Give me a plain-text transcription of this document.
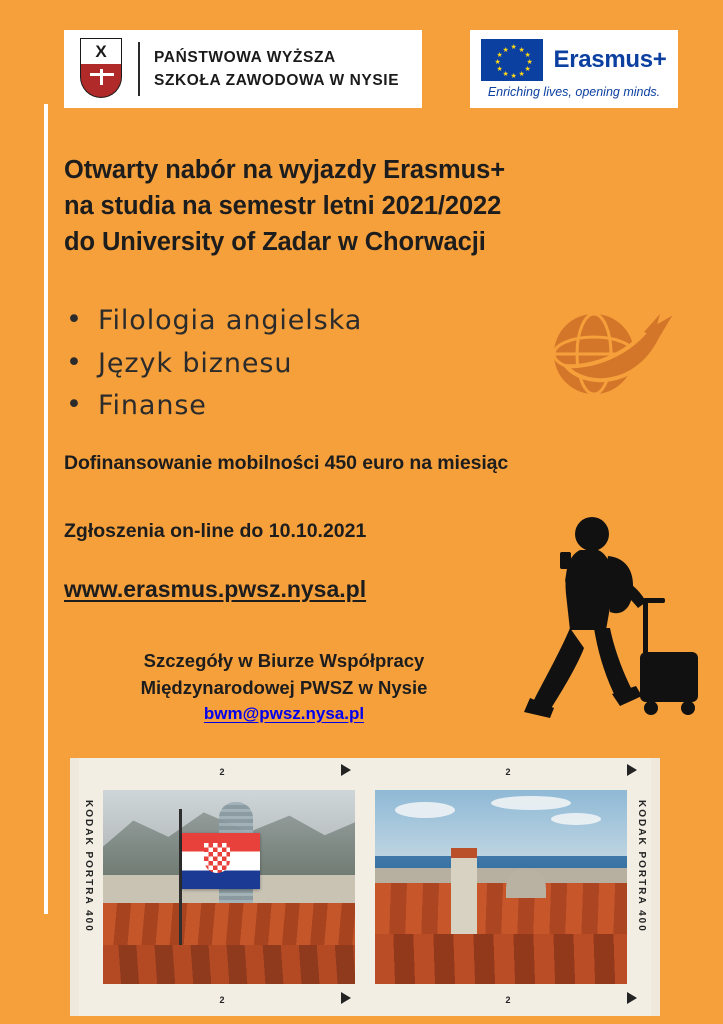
X	PAŃSTWOWA WYŻSZA
SZKOŁA ZAWODOWA W NYSIE
★ ★
★
★
★
★
★
★
★
★
★
★ Erasmus+
Enriching lives, opening minds.
Otwarty nabór na wyjazdy Erasmus+
na studia na semestr letni 2021/2022
do University of Zadar w Chorwacji
• Filologia angielska
• Język biznesu
• Finanse
Dofinansowanie mobilności 450 euro na miesiąc
Zgłoszenia on-line do 10.10.2021
www.erasmus.pwsz.nysa.pl
Szczegóły w Biurze Współpracy
Międzynarodowej PWSZ w Nysie
bwm@pwsz.nysa.pl
2
KODAK PORTRA 400
2
2
KODAK PORTRA 400
2
